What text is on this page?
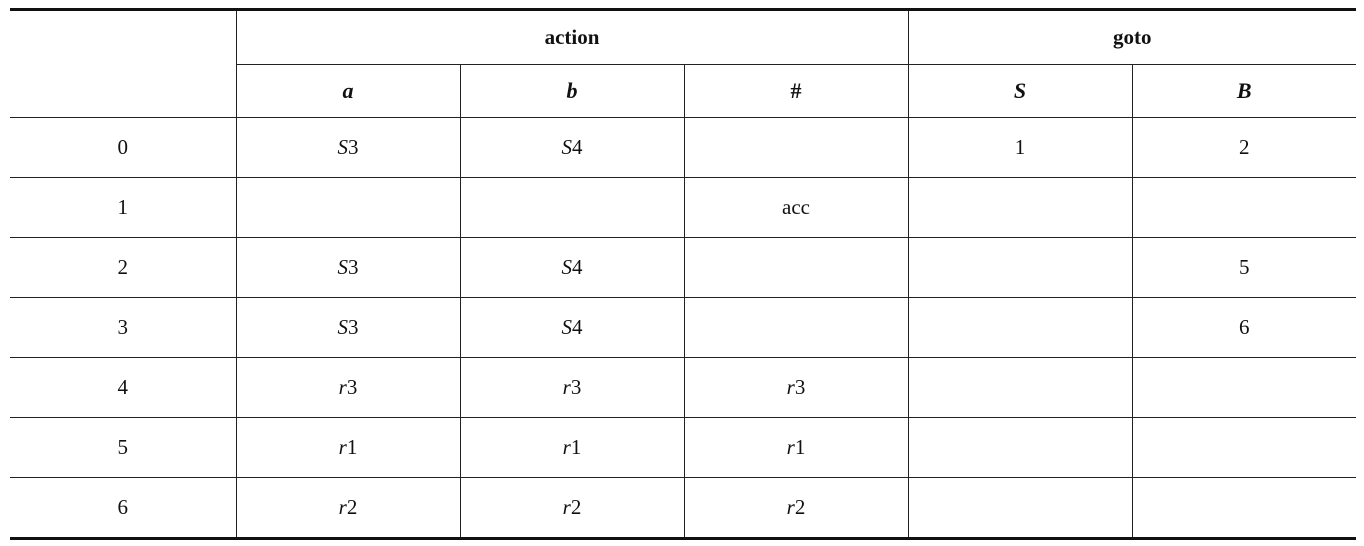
	action			goto	
	a	b	#	S	B
0	S3	S4		1	2
1			acc		
2	S3	S4			5
3	S3	S4			6
4	r3	r3	r3		
5	r1	r1	r1		
6	r2	r2	r2		
